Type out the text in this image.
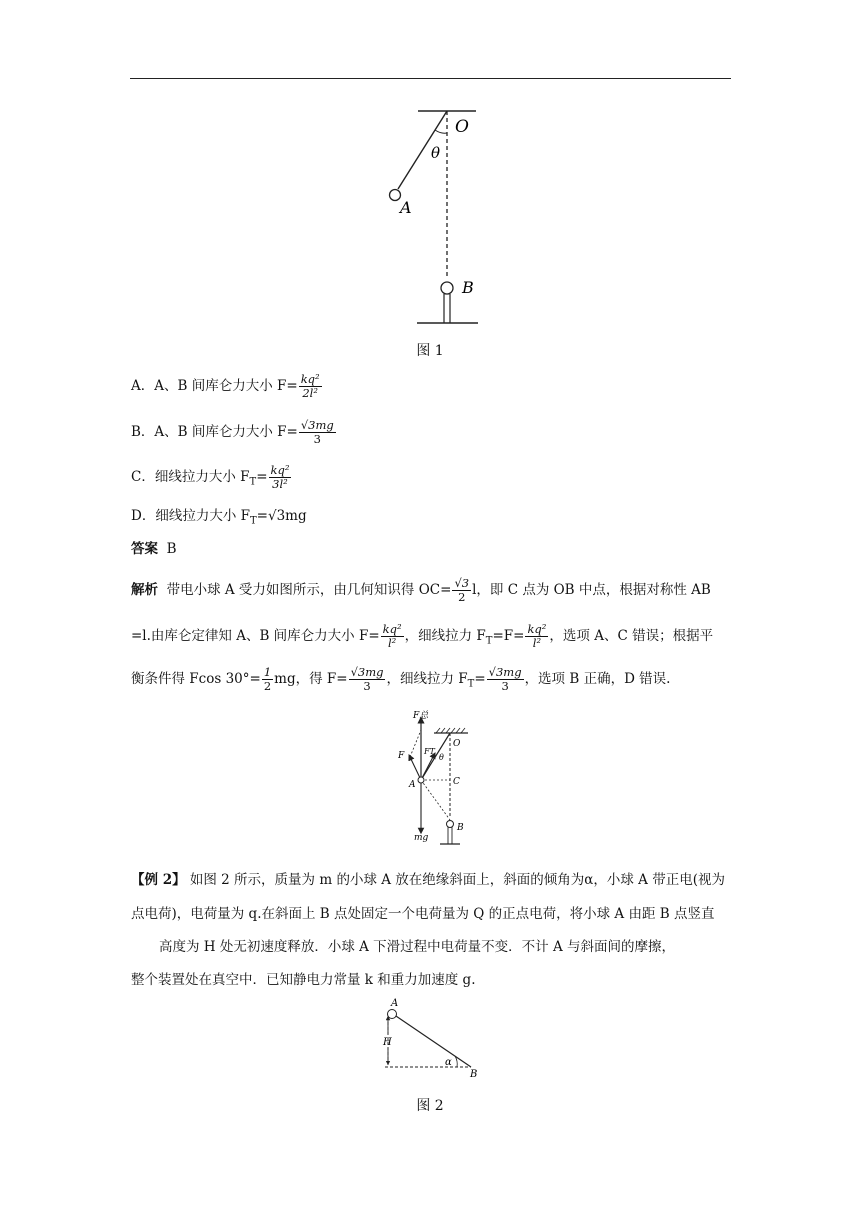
O
θ
A
B
图 1
A．A、B 间库仑力大小 $F= \frac{\text{kq²}}{\text{2l²}}$
B．A、B 间库仑力大小 $F= \frac{√3mg}{3}$
C．细线拉力大小 $F_T= \frac{\text{kq²}}{\text{3l²}}$
D．细线拉力大小 $F_T=√3mg$
答案 B
解析 带电小球 A 受力如图所示，由几何知识得 $OC= \frac{√3}{2}$ l，即 C 点为 OB 中点，根据对称性 AB
=l.由库仑定律知 A、B 间库仑力大小 $F= \frac{\text{kq²}}{\text{l²}}$ ，细线拉力 $F_T=F= \frac{\text{kq²}}{\text{l²}}$ ，选项 A、C 错误；根据平
衡条件得 Fcos $30^\circ= \frac{1}{2}$ mg，得 $F= \frac{√3mg}{3}$ ，细线拉力 $F_T= \frac{√3mg}{3}$ ，选项 B 正确，D 错误.
F总
F FT
O
θ
A	C
mg
B
【例 2】 如图 2 所示，质量为 m 的小球 A 放在绝缘斜面上，斜面的倾角为α，小球 A 带正电(视为
点电荷)，电荷量为 q.在斜面上 B 点处固定一个电荷量为 Q 的正点电荷，将小球 A 由距 B 点竖直
高度为 H 处无初速度释放．小球 A 下滑过程中电荷量不变．不计 A 与斜面间的摩擦，
整个装置处在真空中．已知静电力常量 k 和重力加速度 g.
A
H
α
B
图 2
